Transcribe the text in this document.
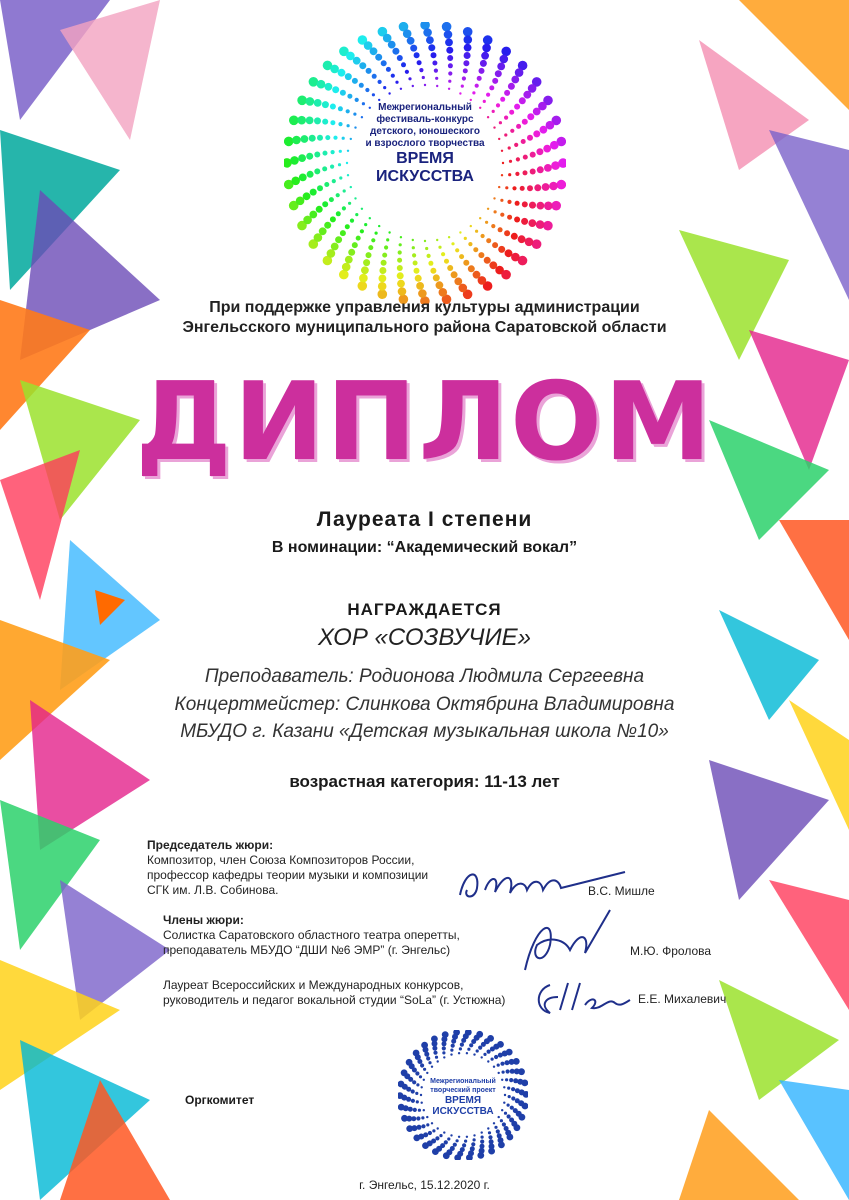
Межрегиональный
фестиваль-конкурс
детского, юношеского
и взрослого творчества
ВРЕМЯ
ИСКУССТВА
При поддержке управления культуры администрации
Энгельсского муниципального района Саратовской области
ДИПЛОМ
Лауреата I степени
В номинации: “Академический вокал”
НАГРАЖДАЕТСЯ
ХОР «СОЗВУЧИЕ»
Преподаватель: Родионова Людмила Сергеевна
Концертмейстер: Слинкова Октябрина Владимировна
МБУДО г. Казани «Детская музыкальная школа №10»
возрастная категория: 11-13 лет
Председатель жюри:
Композитор, член Союза Композиторов России,
профессор кафедры теории музыки и композиции
СГК им. Л.В. Собинова.	В.С. Мишле
Члены жюри:
Солистка Саратовского областного театра оперетты,
преподаватель МБУДО “ДШИ №6 ЭМР” (г. Энгельс)	М.Ю. Фролова
Лауреат Всероссийских и Международных конкурсов,
руководитель и педагог вокальной студии “SoLa” (г. Устюжна)	Е.Е. Михалевич
Оргкомитет
Межрегиональный
творческий проект
ВРЕМЯ
ИСКУССТВА
г. Энгельс, 15.12.2020 г.
